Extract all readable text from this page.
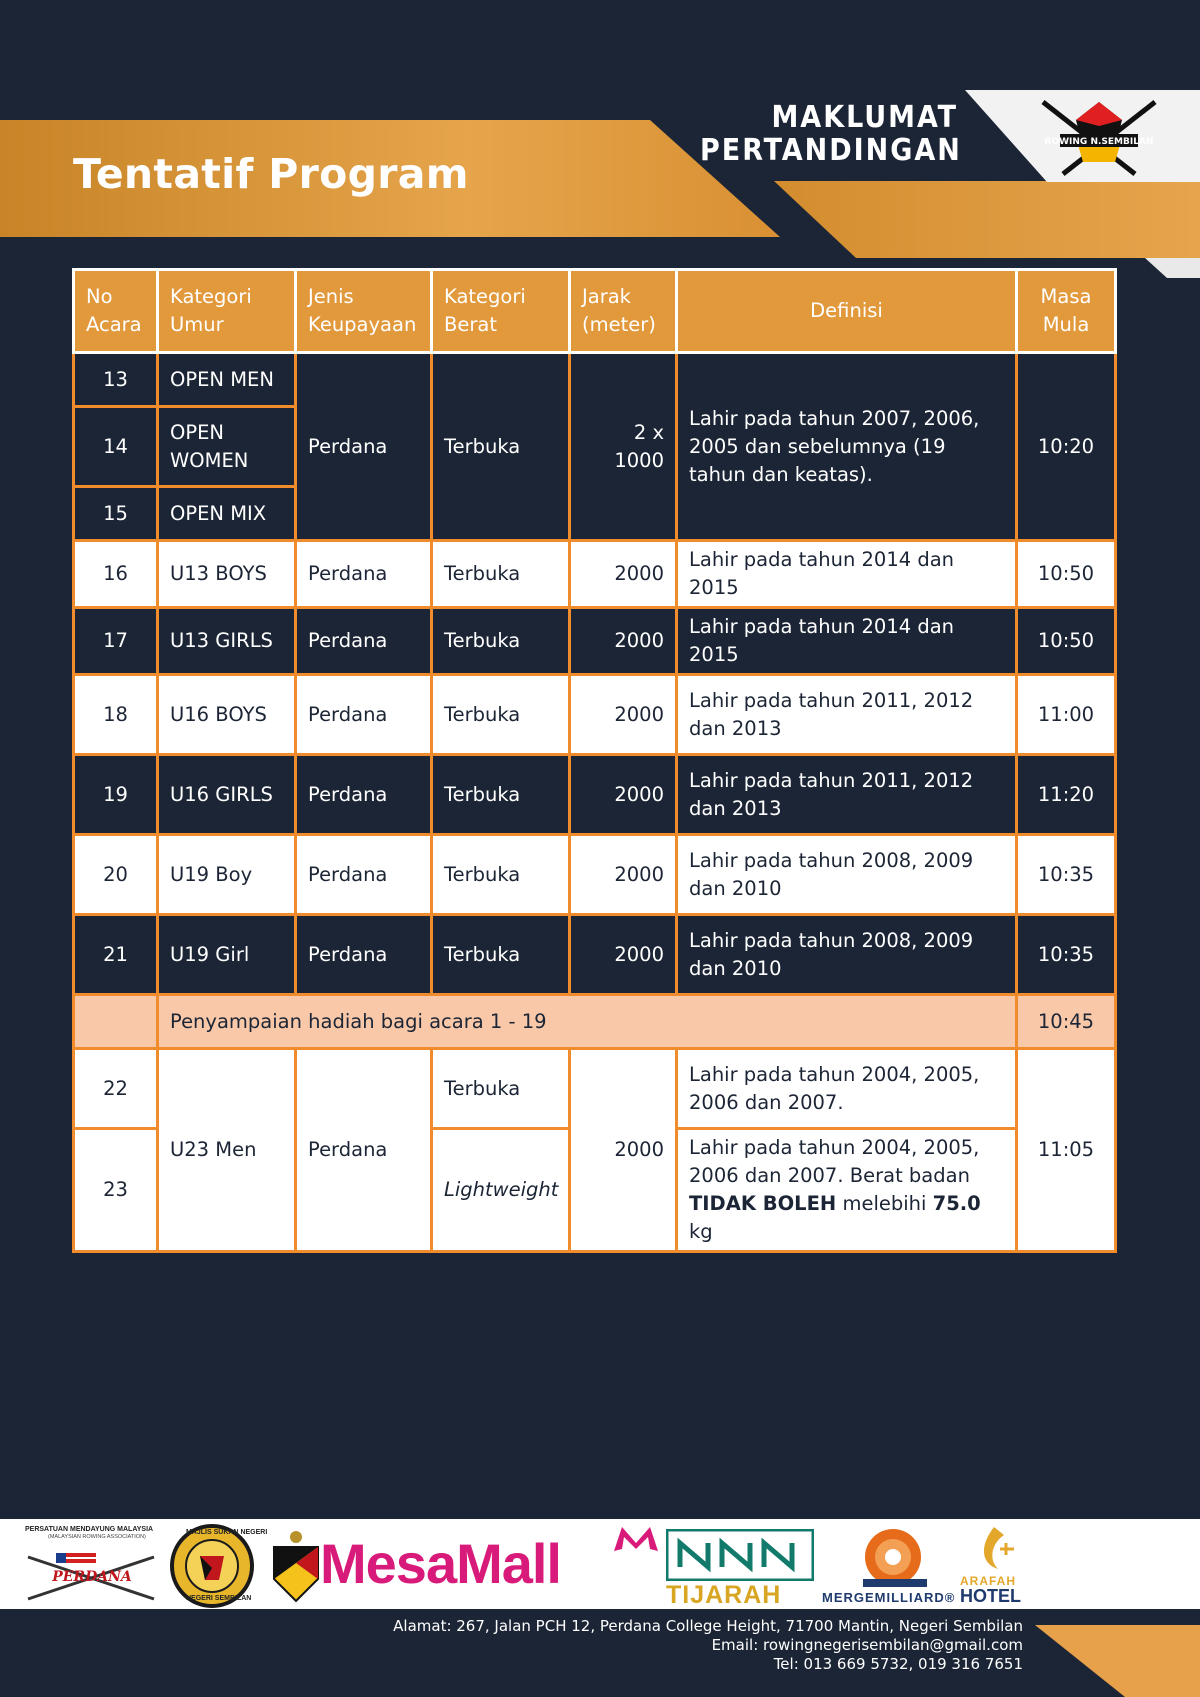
Tentatif Program
MAKLUMAT
PERTANDINGAN	ROWING N.SEMBILAN
No Acara	Kategori Umur	Jenis Keupayaan	Kategori Berat	Jarak (meter)	Definisi	Masa Mula
13	OPEN MEN	Perdana	Terbuka	2 x 1000	Lahir pada tahun 2007, 2006, 2005 dan sebelumnya (19 tahun dan keatas).	10:20
14	OPEN WOMEN					
15	OPEN MIX					
16	U13 BOYS	Perdana	Terbuka	2000	Lahir pada tahun 2014 dan 2015	10:50
17	U13 GIRLS	Perdana	Terbuka	2000	Lahir pada tahun 2014 dan 2015	10:50
18	U16 BOYS	Perdana	Terbuka	2000	Lahir pada tahun 2011, 2012 dan 2013	11:00
19	U16 GIRLS	Perdana	Terbuka	2000	Lahir pada tahun 2011, 2012 dan 2013	11:20
20	U19 Boy	Perdana	Terbuka	2000	Lahir pada tahun 2008, 2009 dan 2010	10:35
21	U19 Girl	Perdana	Terbuka	2000	Lahir pada tahun 2008, 2009 dan 2010	10:35
	Penyampaian hadiah bagi acara 1 - 19					10:45
22	U23 Men	Perdana	Terbuka	2000	Lahir pada tahun 2004, 2005, 2006 dan 2007.	11:05
23			Lightweight		Lahir pada tahun 2004, 2005, 2006 dan 2007. Berat badan TIDAK BOLEH melebihi 75.0 kg	
PERSATUAN MENDAYUNG MALAYSIA
(MALAYSIAN ROWING ASSOCIATION)
PERDANA
MAJLIS SUKAN NEGERI
NEGERI SEMBILAN
MesaMall	TIJARAH	MERGEMILLIARD®
ARAFAH
HOTEL
Alamat: 267, Jalan PCH 12, Perdana College Height, 71700 Mantin, Negeri Sembilan
Email: rowingnegerisembilan@gmail.com
Tel: 013 669 5732, 019 316 7651
